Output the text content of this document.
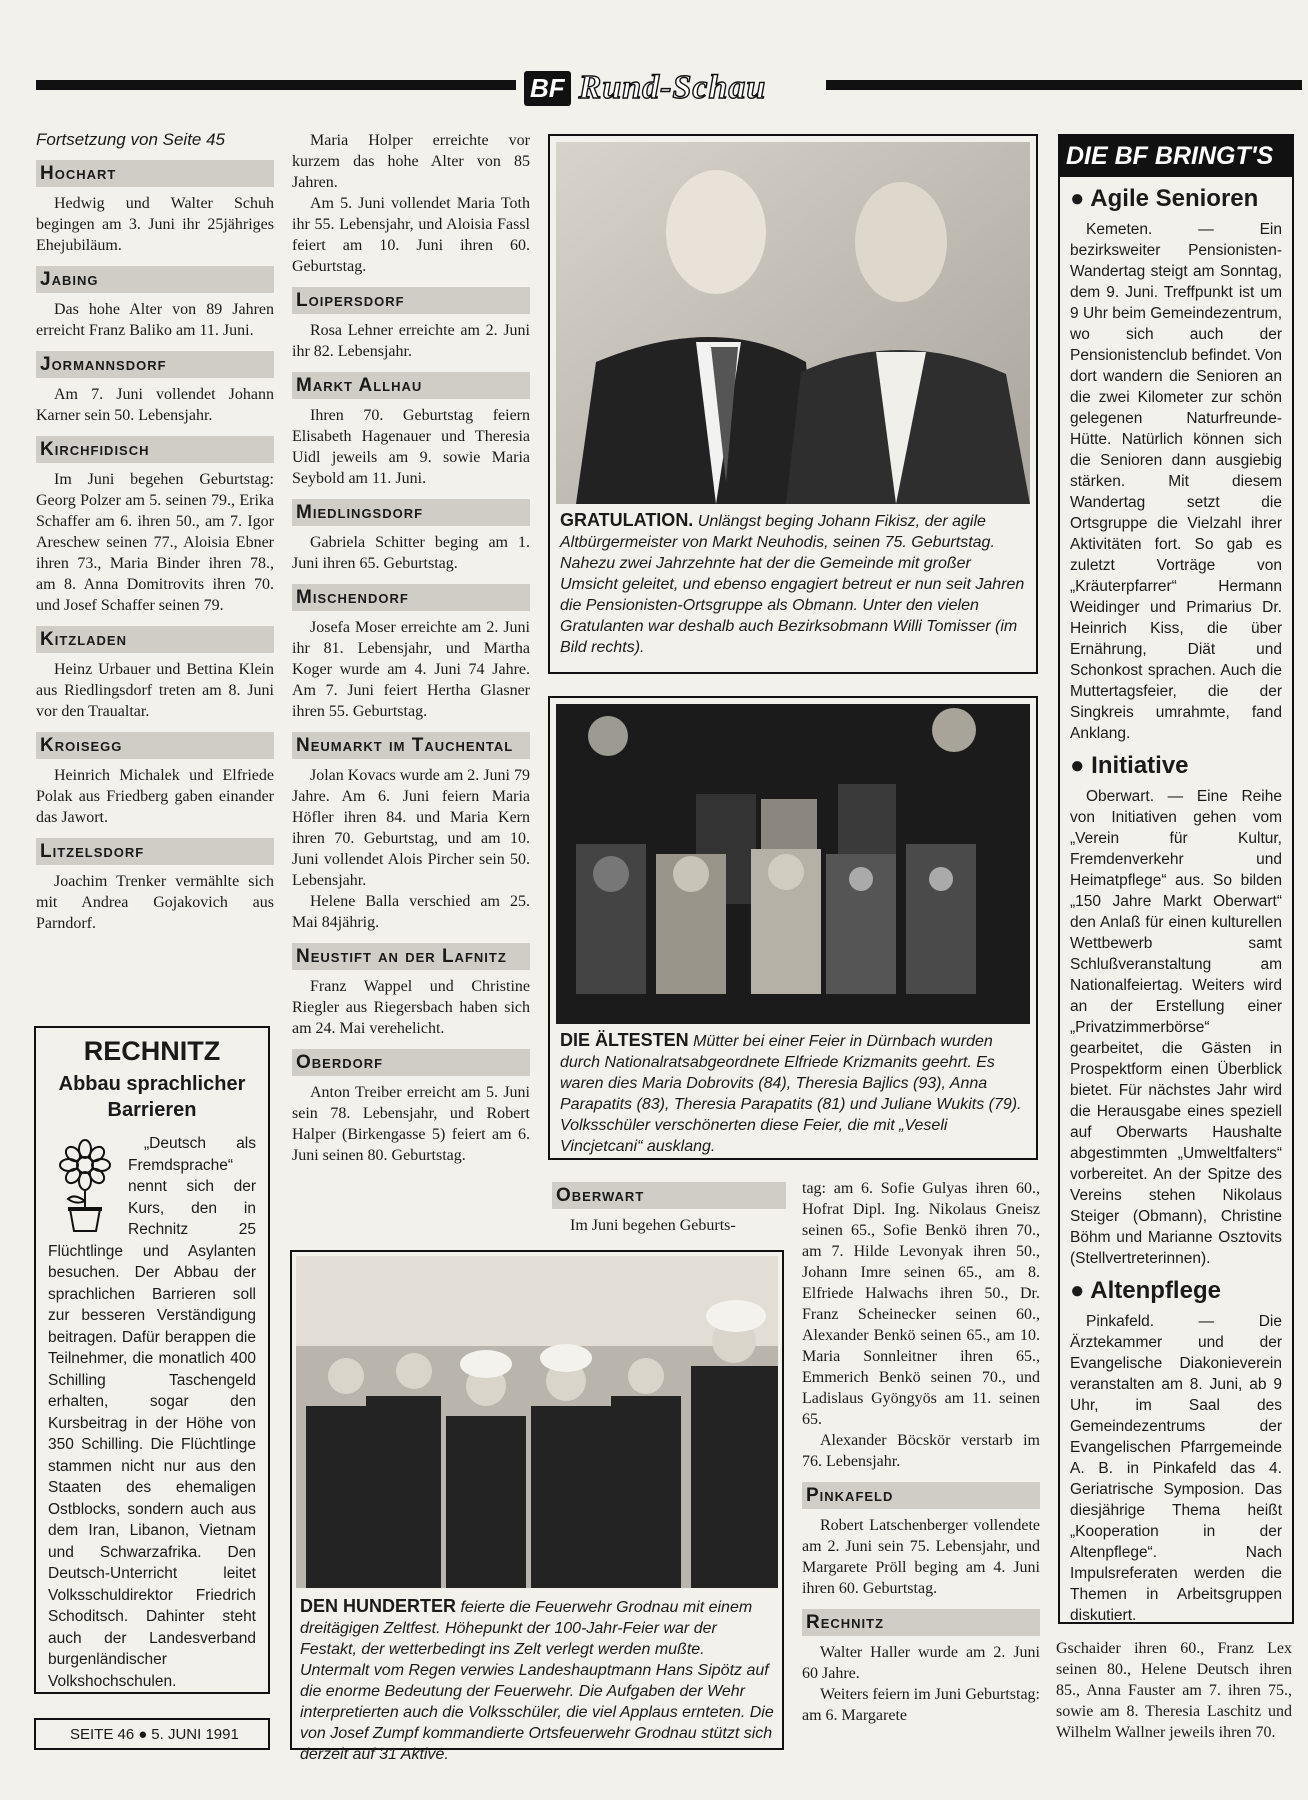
BF Rund-Schau
Fortsetzung von Seite 45
Hochart

Hedwig und Walter Schuh begingen am 3. Juni ihr 25jähriges Ehejubiläum.

Jabing

Das hohe Alter von 89 Jahren erreicht Franz Baliko am 11. Juni.

Jormannsdorf

Am 7. Juni vollendet Johann Karner sein 50. Lebensjahr.

Kirchfidisch

Im Juni begehen Geburtstag: Georg Polzer am 5. seinen 79., Erika Schaffer am 6. ihren 50., am 7. Igor Areschew seinen 77., Aloisia Ebner ihren 73., Maria Binder ihren 78., am 8. Anna Domitrovits ihren 70. und Josef Schaffer seinen 79.

Kitzladen

Heinz Urbauer und Bettina Klein aus Riedlingsdorf treten am 8. Juni vor den Traualtar.

Kroisegg

Heinrich Michalek und Elfriede Polak aus Friedberg gaben einander das Jawort.

Litzelsdorf

Joachim Trenker vermählte sich mit Andrea Gojakovich aus Parndorf.

RECHNITZ
Abbau sprachlicher Barrieren

„Deutsch als Fremdsprache“ nennt sich der Kurs, den in Rechnitz 25 Flüchtlinge und Asylanten besuchen. Der Abbau der sprachlichen Barrieren soll zur besseren Verständigung beitragen. Dafür berappen die Teilnehmer, die monatlich 400 Schilling Taschengeld erhalten, sogar den Kursbeitrag in der Höhe von 350 Schilling. Die Flüchtlinge stammen nicht nur aus den Staaten des ehemaligen Ostblocks, sondern auch aus dem Iran, Libanon, Vietnam und Schwarzafrika. Den Deutsch-Unterricht leitet Volksschuldirektor Friedrich Schoditsch. Dahinter steht auch der Landesverband burgenländischer Volkshochschulen.

SEITE 46 ● 5. JUNI 1991

Maria Holper erreichte vor kurzem das hohe Alter von 85 Jahren.

Am 5. Juni vollendet Maria Toth ihr 55. Lebensjahr, und Aloisia Fassl feiert am 10. Juni ihren 60. Geburtstag.

Loipersdorf

Rosa Lehner erreichte am 2. Juni ihr 82. Lebensjahr.

Markt Allhau

Ihren 70. Geburtstag feiern Elisabeth Hagenauer und Theresia Uidl jeweils am 9. sowie Maria Seybold am 11. Juni.

Miedlingsdorf

Gabriela Schitter beging am 1. Juni ihren 65. Geburtstag.

Mischendorf

Josefa Moser erreichte am 2. Juni ihr 81. Lebensjahr, und Martha Koger wurde am 4. Juni 74 Jahre. Am 7. Juni feiert Hertha Glasner ihren 55. Geburtstag.

Neumarkt im Tauchental

Jolan Kovacs wurde am 2. Juni 79 Jahre. Am 6. Juni feiern Maria Höfler ihren 84. und Maria Kern ihren 70. Geburtstag, und am 10. Juni vollendet Alois Pircher sein 50. Lebensjahr.

Helene Balla verschied am 25. Mai 84jährig.

Neustift an der Lafnitz

Franz Wappel und Christine Riegler aus Riegersbach haben sich am 24. Mai verehelicht.

Oberdorf

Anton Treiber erreicht am 5. Juni sein 78. Lebensjahr, und Robert Halper (Birkengasse 5) feiert am 6. Juni seinen 80. Geburtstag.

GRATULATION. Unlängst beging Johann Fikisz, der agile Altbürgermeister von Markt Neuhodis, seinen 75. Geburtstag. Nahezu zwei Jahrzehnte hat der die Gemeinde mit großer Umsicht geleitet, und ebenso engagiert betreut er nun seit Jahren die Pensionisten-Ortsgruppe als Obmann. Unter den vielen Gratulanten war deshalb auch Bezirksobmann Willi Tomisser (im Bild rechts).
DIE ÄLTESTEN Mütter bei einer Feier in Dürnbach wurden durch Nationalratsabgeordnete Elfriede Krizmanits geehrt. Es waren dies Maria Dobrovits (84), Theresia Bajlics (93), Anna Parapatits (83), Theresia Parapatits (81) und Juliane Wukits (79). Volksschüler verschönerten diese Feier, die mit „Veseli Vincjetcani“ ausklang.
Oberwart

Im Juni begehen Geburts-

DEN HUNDERTER feierte die Feuerwehr Grodnau mit einem dreitägigen Zeltfest. Höhepunkt der 100-Jahr-Feier war der Festakt, der wetterbedingt ins Zelt verlegt werden mußte. Untermalt vom Regen verwies Landeshauptmann Hans Sipötz auf die enorme Bedeutung der Feuerwehr. Die Aufgaben der Wehr interpretierten auch die Volksschüler, die viel Applaus ernteten. Die von Josef Zumpf kommandierte Ortsfeuerwehr Grodnau stützt sich derzeit auf 31 Aktive.

tag: am 6. Sofie Gulyas ihren 60., Hofrat Dipl. Ing. Nikolaus Gneisz seinen 65., Sofie Benkö ihren 70., am 7. Hilde Levonyak ihren 50., Johann Imre seinen 65., am 8. Elfriede Halwachs ihren 50., Dr. Franz Scheinecker seinen 60., Alexander Benkö seinen 65., am 10. Maria Sonnleitner ihren 65., Emmerich Benkö seinen 70., und Ladislaus Gyöngyös am 11. seinen 65.

Alexander Böcskör verstarb im 76. Lebensjahr.

Pinkafeld

Robert Latschenberger vollendete am 2. Juni sein 75. Lebensjahr, und Margarete Pröll beging am 4. Juni ihren 60. Geburtstag.

Rechnitz

Walter Haller wurde am 2. Juni 60 Jahre.

Weiters feiern im Juni Geburtstag: am 6. Margarete

DIE BF BRINGT'S
● Agile Senioren

Kemeten. — Ein bezirksweiter Pensionisten-Wandertag steigt am Sonntag, dem 9. Juni. Treffpunkt ist um 9 Uhr beim Gemeindezentrum, wo sich auch der Pensionistenclub befindet. Von dort wandern die Senioren an die zwei Kilometer zur schön gelegenen Naturfreunde-Hütte. Natürlich können sich die Senioren dann ausgiebig stärken. Mit diesem Wandertag setzt die Ortsgruppe die Vielzahl ihrer Aktivitäten fort. So gab es zuletzt Vorträge von „Kräuterpfarrer“ Hermann Weidinger und Primarius Dr. Heinrich Kiss, die über Ernährung, Diät und Schonkost sprachen. Auch die Muttertagsfeier, die der Singkreis umrahmte, fand Anklang.

● Initiative

Oberwart. — Eine Reihe von Initiativen gehen vom „Verein für Kultur, Fremdenverkehr und Heimatpflege“ aus. So bilden „150 Jahre Markt Oberwart“ den Anlaß für einen kulturellen Wettbewerb samt Schlußveranstaltung am Nationalfeiertag. Weiters wird an der Erstellung einer „Privatzimmerbörse“ gearbeitet, die Gästen in Prospektform einen Überblick bietet. Für nächstes Jahr wird die Herausgabe eines speziell auf Oberwarts Haushalte abgestimmten „Umweltfalters“ vorbereitet. An der Spitze des Vereins stehen Nikolaus Steiger (Obmann), Christine Böhm und Marianne Osztovits (Stellvertreterinnen).

● Altenpflege

Pinkafeld. — Die Ärztekammer und der Evangelische Diakonieverein veranstalten am 8. Juni, ab 9 Uhr, im Saal des Gemeindezentrums der Evangelischen Pfarrgemeinde A. B. in Pinkafeld das 4. Geriatrische Symposion. Das diesjährige Thema heißt „Kooperation in der Altenpflege“. Nach Impulsreferaten werden die Themen in Arbeitsgruppen diskutiert.

Gschaider ihren 60., Franz Lex seinen 80., Helene Deutsch ihren 85., Anna Fauster am 7. ihren 75., sowie am 8. Theresia Laschitz und Wilhelm Wallner jeweils ihren 70.
